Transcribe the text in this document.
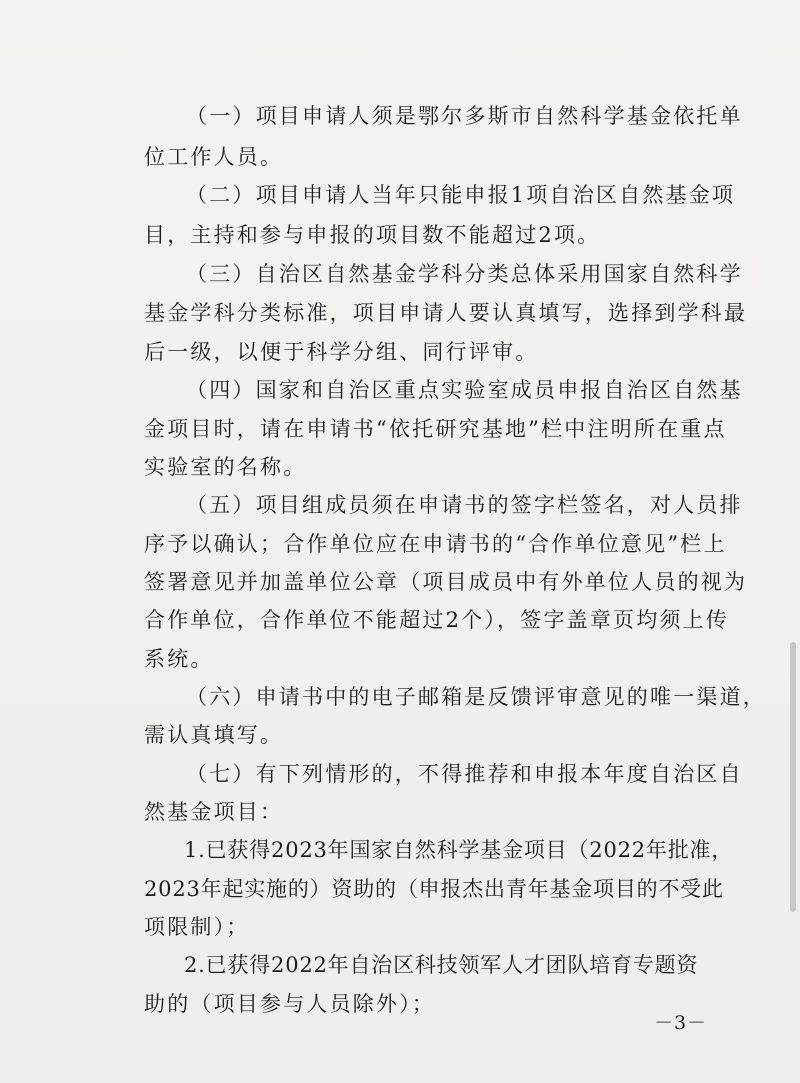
（一）项目申请人须是鄂尔多斯市自然科学基金依托单
位工作人员。
（二）项目申请人当年只能申报1项自治区自然基金项
目，主持和参与申报的项目数不能超过2项。
（三）自治区自然基金学科分类总体采用国家自然科学
基金学科分类标准，项目申请人要认真填写，选择到学科最
后一级，以便于科学分组、同行评审。
（四）国家和自治区重点实验室成员申报自治区自然基
金项目时，请在申请书“依托研究基地”栏中注明所在重点
实验室的名称。
（五）项目组成员须在申请书的签字栏签名，对人员排
序予以确认；合作单位应在申请书的“合作单位意见”栏上
签署意见并加盖单位公章（项目成员中有外单位人员的视为
合作单位，合作单位不能超过2个），签字盖章页均须上传
系统。
（六）申请书中的电子邮箱是反馈评审意见的唯一渠道，
需认真填写。
（七）有下列情形的，不得推荐和申报本年度自治区自
然基金项目：
1.已获得2023年国家自然科学基金项目（2022年批准，
2023年起实施的）资助的（申报杰出青年基金项目的不受此
项限制）；
2.已获得2022年自治区科技领军人才团队培育专题资
助的（项目参与人员除外）；
－3－
